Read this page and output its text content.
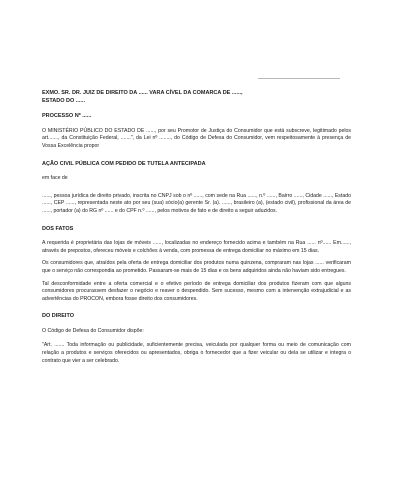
EXMO. SR. DR. JUIZ DE DIREITO DA ...... VARA CÍVEL DA COMARCA DE ......,
ESTADO DO ......

PROCESSO Nº ......

O MINISTÉRIO PÚBLICO DO ESTADO DE ......, por seu Promotor de Justiça do Consumidor que está subscreve, legitimado pelos art......., da Constituição Federal, .......", da Lei nº ........, do Código de Defesa do Consumidor, vem respeitosamente à presença de Vossa Excelência propor

AÇÃO CIVIL PÚBLICA COM PEDIDO DE TUTELA ANTECIPADA

em face de

......, pessoa jurídica de direito privado, inscrita no CNPJ sob o nº ......, com sede na Rua ......, n.º ......, Bairro ......, Cidade ......, Estado ......, CEP ......, representada neste ato por seu (sua) sócio(a) gerente Sr. (a). ......, brasileiro (a), (estado civil), profissional da área de ......, portador (a) do RG nº ...... e do CPF n.º ......, pelos motivos de fato e de direito a seguir aduzidos.

DOS FATOS

A requerida é proprietária das lojas de móveis ......, localizadas no endereço fornecido acima e também na Rua ...... nº...... Em......, através de prepostos, ofereceu móveis e colchões à venda, com promessa de entrega domiciliar no máximo em 15 dias.

Os consumidores que, atraídos pela oferta de entrega domiciliar dos produtos numa quinzena, compraram nas lojas ...... verificaram que o serviço não correspondia ao prometido. Passaram-se mais de 15 dias e os bens adquiridos ainda não haviam sido entregues.

Tal desconformidade entre a oferta comercial e o efetivo período de entrega domiciliar dos produtos fizeram com que alguns consumidores procurassem desfazer o negócio e reaver o despendido. Sem sucesso, mesmo com a intervenção extrajudicial e as advertências do PROCON, embora fosse direito dos consumidores.

DO DIREITO

O Código de Defesa do Consumidor dispõe:

"Art. ....... Toda informação ou publicidade, suficientemente precisa, veiculada por qualquer forma ou meio de comunicação com relação a produtos e serviços oferecidos ou apresentados, obriga o fornecedor que a fizer veicular ou dela se utilizar e integra o contrato que vier a ser celebrado.
